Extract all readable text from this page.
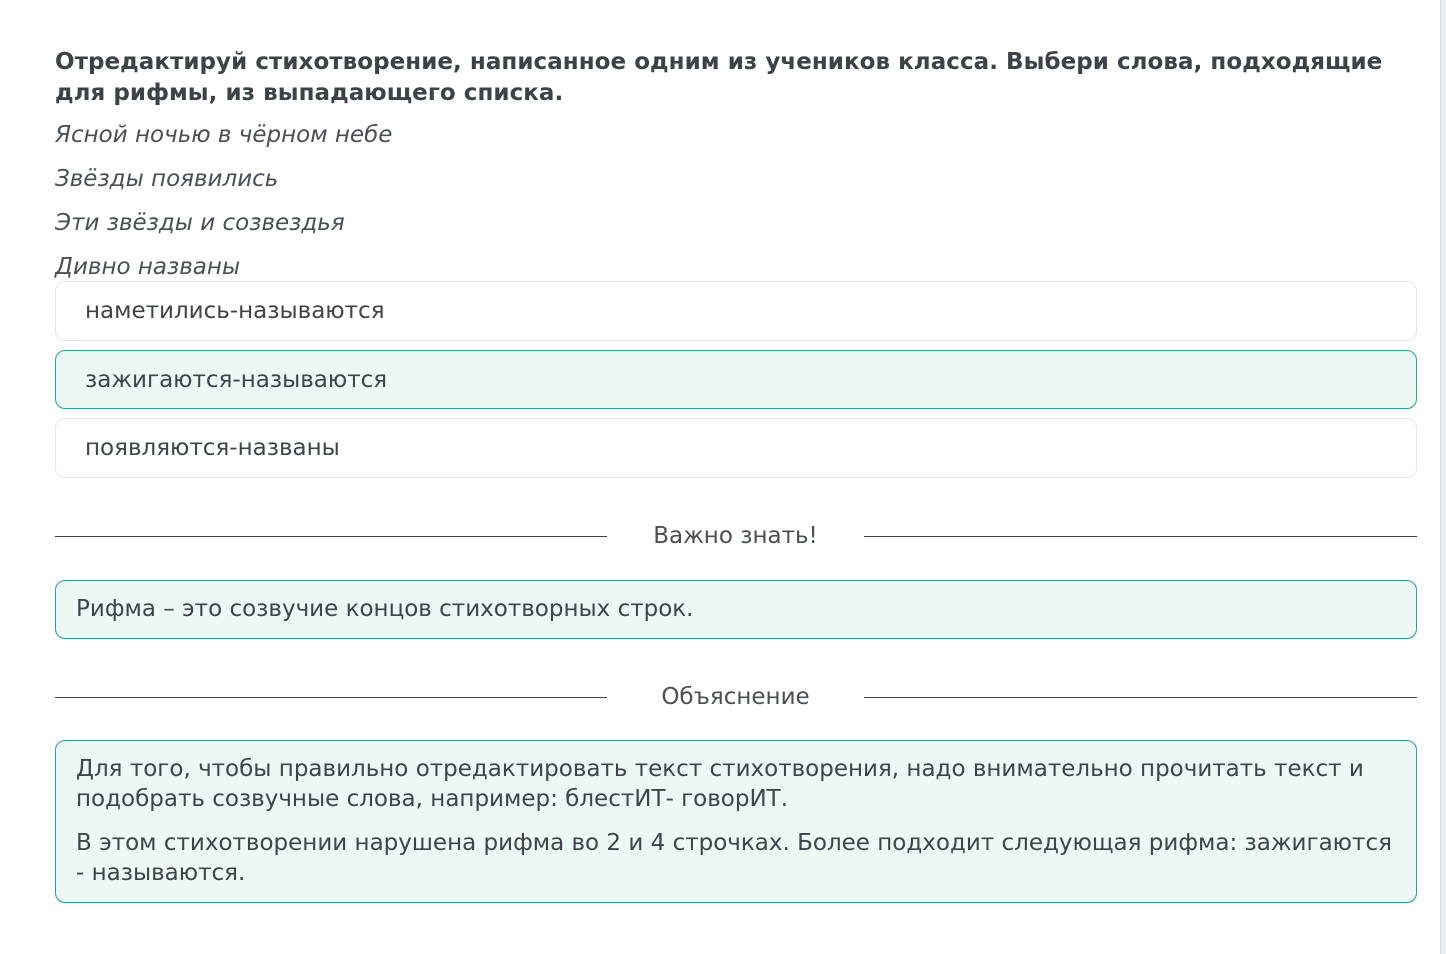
Отредактируй стихотворение, написанное одним из учеников класса. Выбери слова, подходящие для рифмы, из выпадающего списка.
Ясной ночью в чёрном небе
Звёзды появились
Эти звёзды и созвездья
Дивно названы
наметились-называются
зажигаются-называются
появляются-названы
Важно знать!
Рифма – это созвучие концов стихотворных строк.
Объяснение

Для того, чтобы правильно отредактировать текст стихотворения, надо внимательно прочитать текст и подобрать созвучные слова, например: блестИТ- говорИТ.

В этом стихотворении нарушена рифма во 2 и 4 строчках. Более подходит следующая рифма: зажигаются - называются.
